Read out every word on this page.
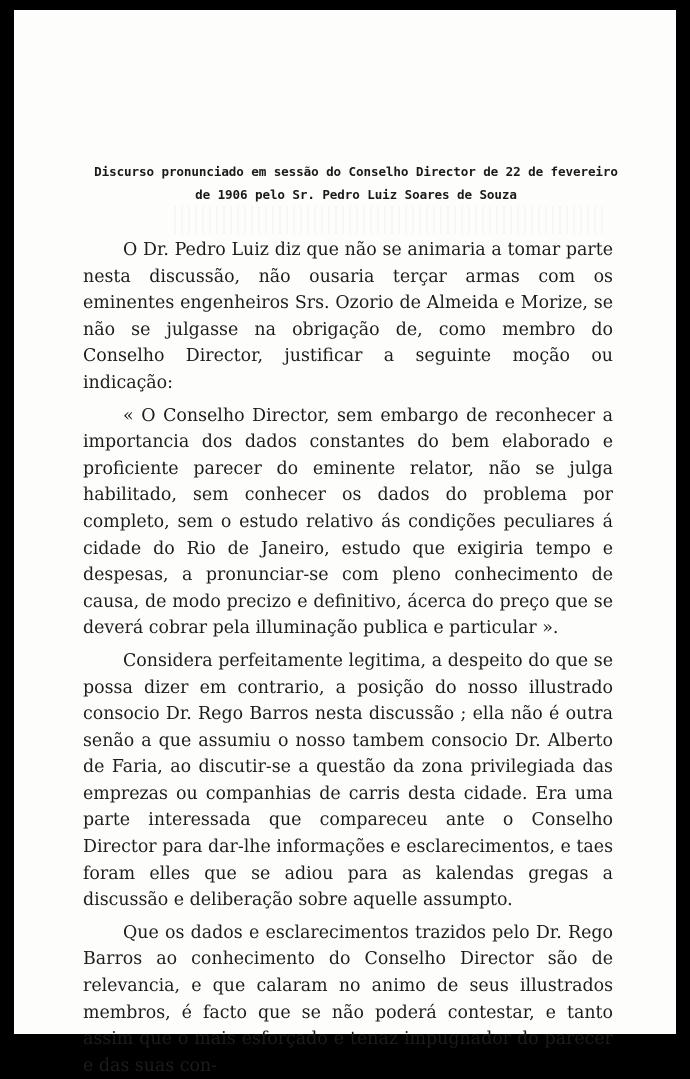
Discurso pronunciado em sessão do Conselho Director de 22 de fevereiro
de 1906 pelo Sr. Pedro Luiz Soares de Souza

O Dr. Pedro Luiz diz que não se animaria a tomar parte nesta discussão, não ousaria terçar armas com os eminentes engenheiros Srs. Ozorio de Almeida e Morize, se não se julgasse na obrigação de, como membro do Conselho Director, justificar a seguinte moção ou indicação:

« O Conselho Director, sem embargo de reconhecer a importancia dos dados constantes do bem elaborado e proficiente parecer do eminente relator, não se julga habilitado, sem conhecer os dados do problema por completo, sem o estudo relativo ás condições peculiares á cidade do Rio de Janeiro, estudo que exigiria tempo e despesas, a pronunciar-se com pleno conhecimento de causa, de modo precizo e definitivo, ácerca do preço que se deverá cobrar pela illuminação publica e particular ».

Considera perfeitamente legitima, a despeito do que se possa dizer em contrario, a posição do nosso illustrado consocio Dr. Rego Barros nesta discussão ; ella não é outra senão a que assumiu o nosso tambem consocio Dr. Alberto de Faria, ao discutir-se a questão da zona privilegiada das emprezas ou companhias de carris desta cidade. Era uma parte interessada que compareceu ante o Conselho Director para dar-lhe informações e esclarecimentos, e taes foram elles que se adiou para as kalendas gregas a discussão e deliberação sobre aquelle assumpto.

Que os dados e esclarecimentos trazidos pelo Dr. Rego Barros ao conhecimento do Conselho Director são de relevancia, e que calaram no animo de seus illustrados membros, é facto que se não poderá contestar, e tanto assim que o mais esforçado e tenaz impugnador do parecer e das suas con-
